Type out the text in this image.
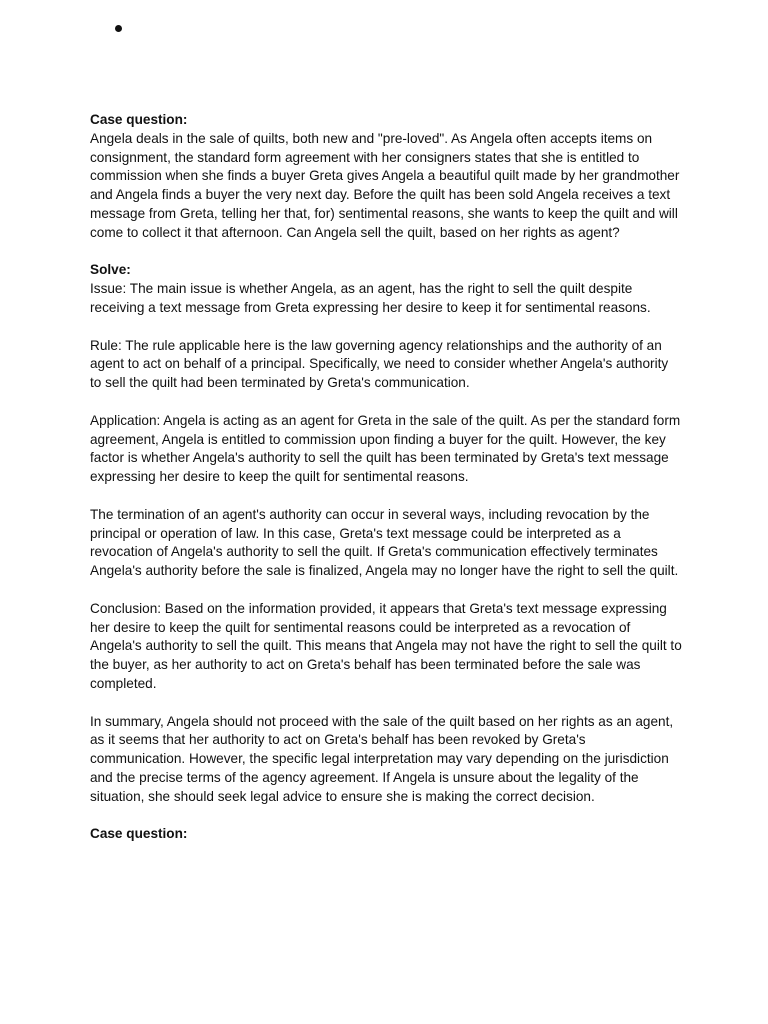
Case question:

Angela deals in the sale of quilts, both new and "pre-loved". As Angela often accepts items on consignment, the standard form agreement with her consigners states that she is entitled to commission when she finds a buyer Greta gives Angela a beautiful quilt made by her grandmother and Angela finds a buyer the very next day. Before the quilt has been sold Angela receives a text message from Greta, telling her that, for) sentimental reasons, she wants to keep the quilt and will come to collect it that afternoon. Can Angela sell the quilt, based on her rights as agent?

Solve:

Issue: The main issue is whether Angela, as an agent, has the right to sell the quilt despite receiving a text message from Greta expressing her desire to keep it for sentimental reasons.

Rule: The rule applicable here is the law governing agency relationships and the authority of an agent to act on behalf of a principal. Specifically, we need to consider whether Angela's authority to sell the quilt had been terminated by Greta's communication.

Application: Angela is acting as an agent for Greta in the sale of the quilt. As per the standard form agreement, Angela is entitled to commission upon finding a buyer for the quilt. However, the key factor is whether Angela's authority to sell the quilt has been terminated by Greta's text message expressing her desire to keep the quilt for sentimental reasons.

The termination of an agent's authority can occur in several ways, including revocation by the principal or operation of law. In this case, Greta's text message could be interpreted as a revocation of Angela's authority to sell the quilt. If Greta's communication effectively terminates Angela's authority before the sale is finalized, Angela may no longer have the right to sell the quilt.

Conclusion: Based on the information provided, it appears that Greta's text message expressing her desire to keep the quilt for sentimental reasons could be interpreted as a revocation of Angela's authority to sell the quilt. This means that Angela may not have the right to sell the quilt to the buyer, as her authority to act on Greta's behalf has been terminated before the sale was completed.

In summary, Angela should not proceed with the sale of the quilt based on her rights as an agent, as it seems that her authority to act on Greta's behalf has been revoked by Greta's communication. However, the specific legal interpretation may vary depending on the jurisdiction and the precise terms of the agency agreement. If Angela is unsure about the legality of the situation, she should seek legal advice to ensure she is making the correct decision.

Case question:
